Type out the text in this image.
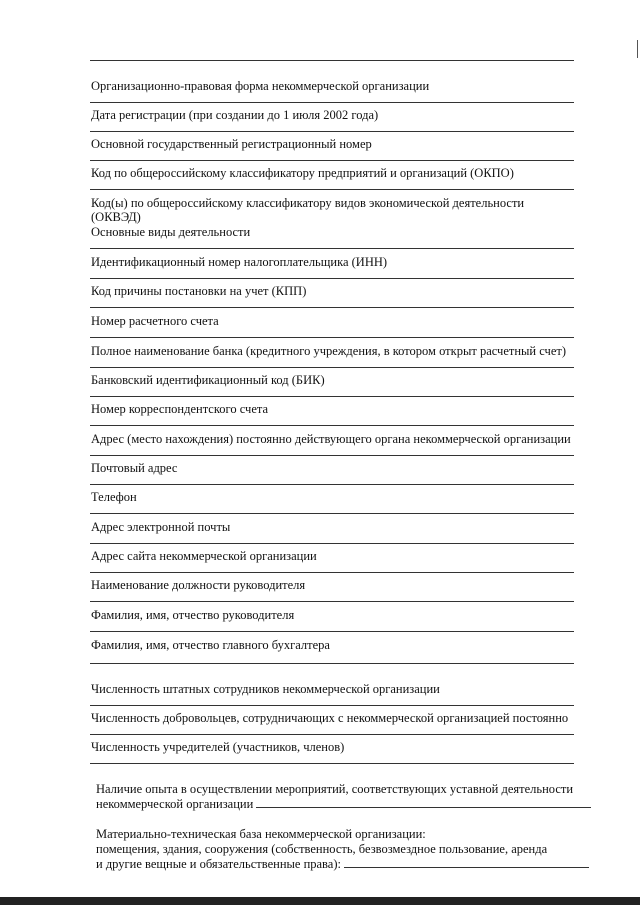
Организационно-правовая форма некоммерческой организации
Дата регистрации (при создании до 1 июля 2002 года)
Основной государственный регистрационный номер
Код по общероссийскому классификатору предприятий и организаций (ОКПО)
Код(ы) по общероссийскому классификатору видов экономической деятельности
(ОКВЭД)
Основные виды деятельности
Идентификационный номер налогоплательщика (ИНН)
Код причины постановки на учет (КПП)
Номер расчетного счета
Полное наименование банка (кредитного учреждения, в котором открыт расчетный счет)
Банковский идентификационный код (БИК)
Номер корреспондентского счета
Адрес (место нахождения) постоянно действующего органа некоммерческой организации
Почтовый адрес
Телефон
Адрес электронной почты
Адрес сайта некоммерческой организации
Наименование должности руководителя
Фамилия, имя, отчество руководителя
Фамилия, имя, отчество главного бухгалтера
Численность штатных сотрудников некоммерческой организации
Численность добровольцев, сотрудничающих с некоммерческой организацией постоянно
Численность учредителей (участников, членов)
Наличие опыта в осуществлении мероприятий, соответствующих уставной деятельности
некоммерческой организации
Материально-техническая база некоммерческой организации:
помещения, здания, сооружения (собственность, безвозмездное пользование, аренда
и другие вещные и обязательственные права):
